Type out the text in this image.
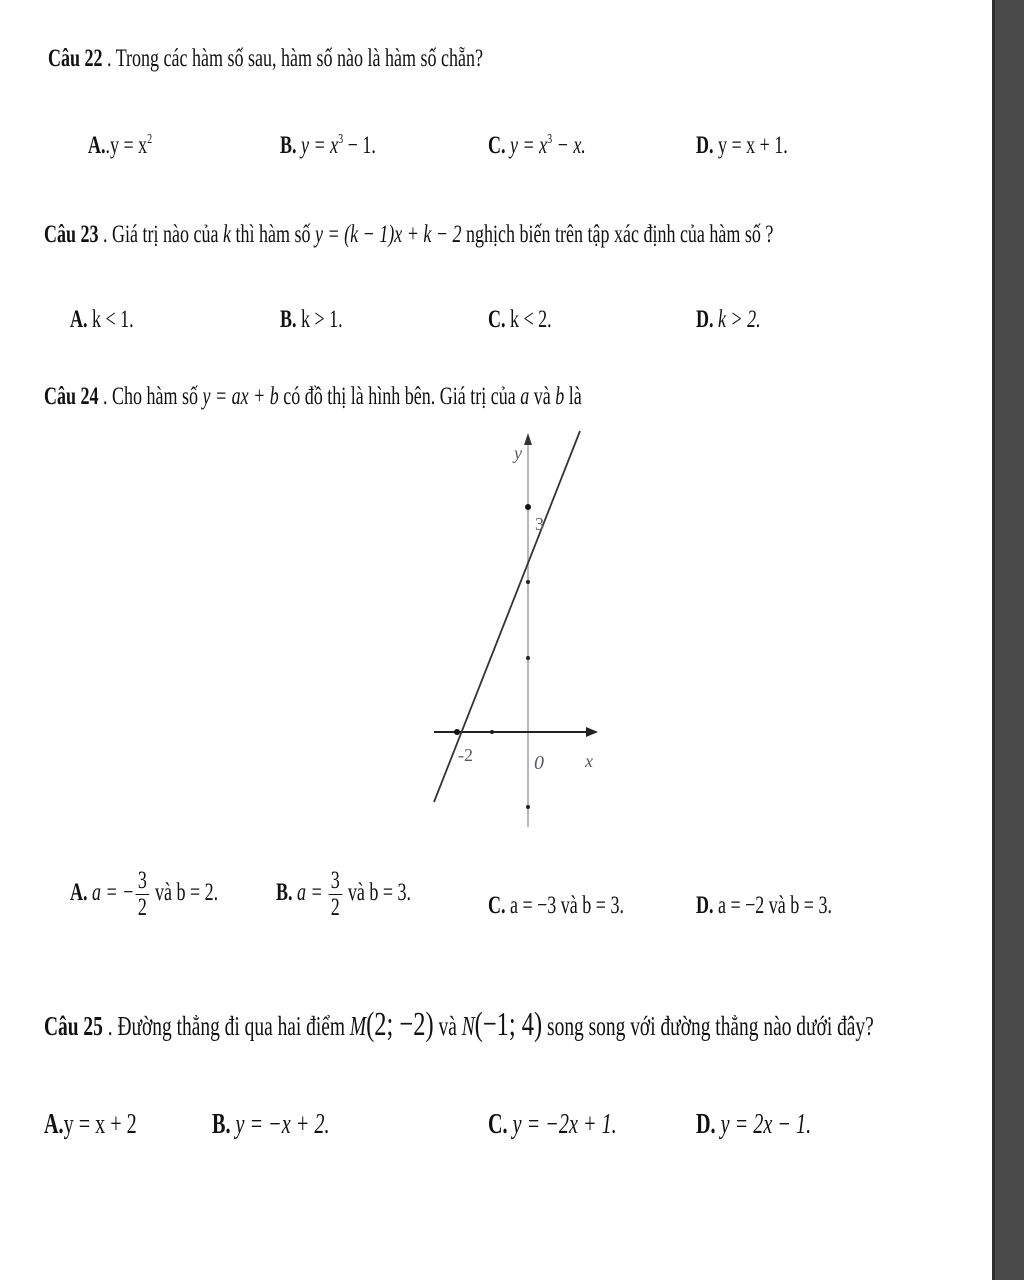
Câu 22 . Trong các hàm số sau, hàm số nào là hàm số chẵn?
$A..y = x^2$	B. $y = x^3 - 1$.	C. $y = x^3 - x$.	D. y = x + 1.
Câu 23 . Giá trị nào của k thì hàm số y = (k − 1)x + k − 2 nghịch biến trên tập xác định của hàm số ?
A. k < 1.	B. k > 1.	C. k < 2.	D. k > 2.
Câu 24 . Cho hàm số y = ax + b có đồ thị là hình bên. Giá trị của a và b là
y
x
0
3
-2
A. a = − $\frac{3}{2}$ và b = 2. B. $a = \frac{3}{2}$ và b = 3.	C. a = −3 và b = 3.	D. a = −2 và b = 3.
Câu 25 . Đường thẳng đi qua hai điểm M(2; −2) và N(−1; 4) song song với đường thẳng nào dưới đây?
A.y = x + 2	B. y = −x + 2.	C. y = −2x + 1.	D. y = 2x − 1.
